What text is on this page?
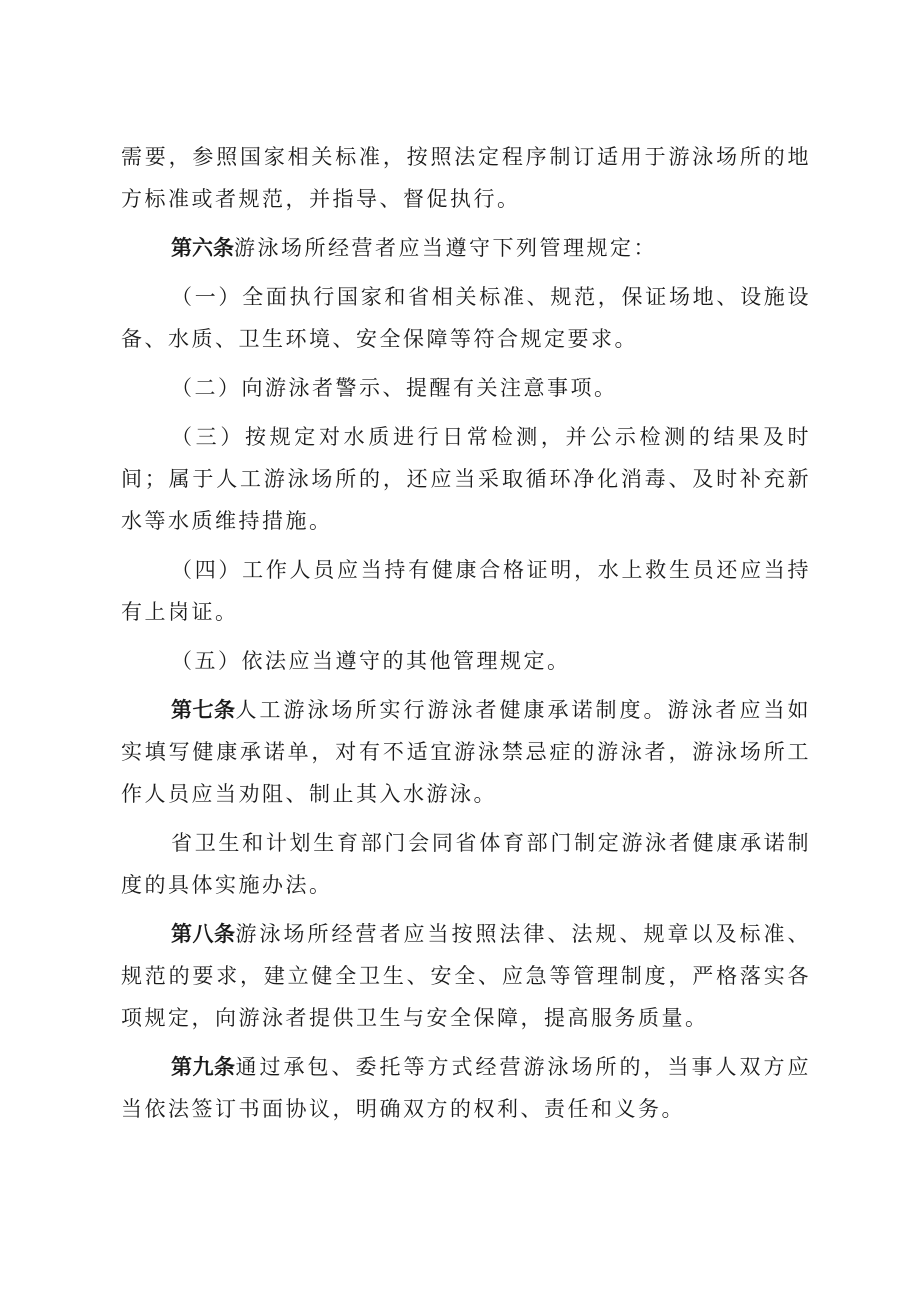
需要，参照国家相关标准，按照法定程序制订适用于游泳场所的地方标准或者规范，并指导、督促执行。

第六条游泳场所经营者应当遵守下列管理规定：

（一）全面执行国家和省相关标准、规范，保证场地、设施设备、水质、卫生环境、安全保障等符合规定要求。

（二）向游泳者警示、提醒有关注意事项。

（三）按规定对水质进行日常检测，并公示检测的结果及时间；属于人工游泳场所的，还应当采取循环净化消毒、及时补充新水等水质维持措施。

（四）工作人员应当持有健康合格证明，水上救生员还应当持有上岗证。

（五）依法应当遵守的其他管理规定。

第七条人工游泳场所实行游泳者健康承诺制度。游泳者应当如实填写健康承诺单，对有不适宜游泳禁忌症的游泳者，游泳场所工作人员应当劝阻、制止其入水游泳。

省卫生和计划生育部门会同省体育部门制定游泳者健康承诺制度的具体实施办法。

第八条游泳场所经营者应当按照法律、法规、规章以及标准、规范的要求，建立健全卫生、安全、应急等管理制度，严格落实各项规定，向游泳者提供卫生与安全保障，提高服务质量。

第九条通过承包、委托等方式经营游泳场所的，当事人双方应当依法签订书面协议，明确双方的权利、责任和义务。
